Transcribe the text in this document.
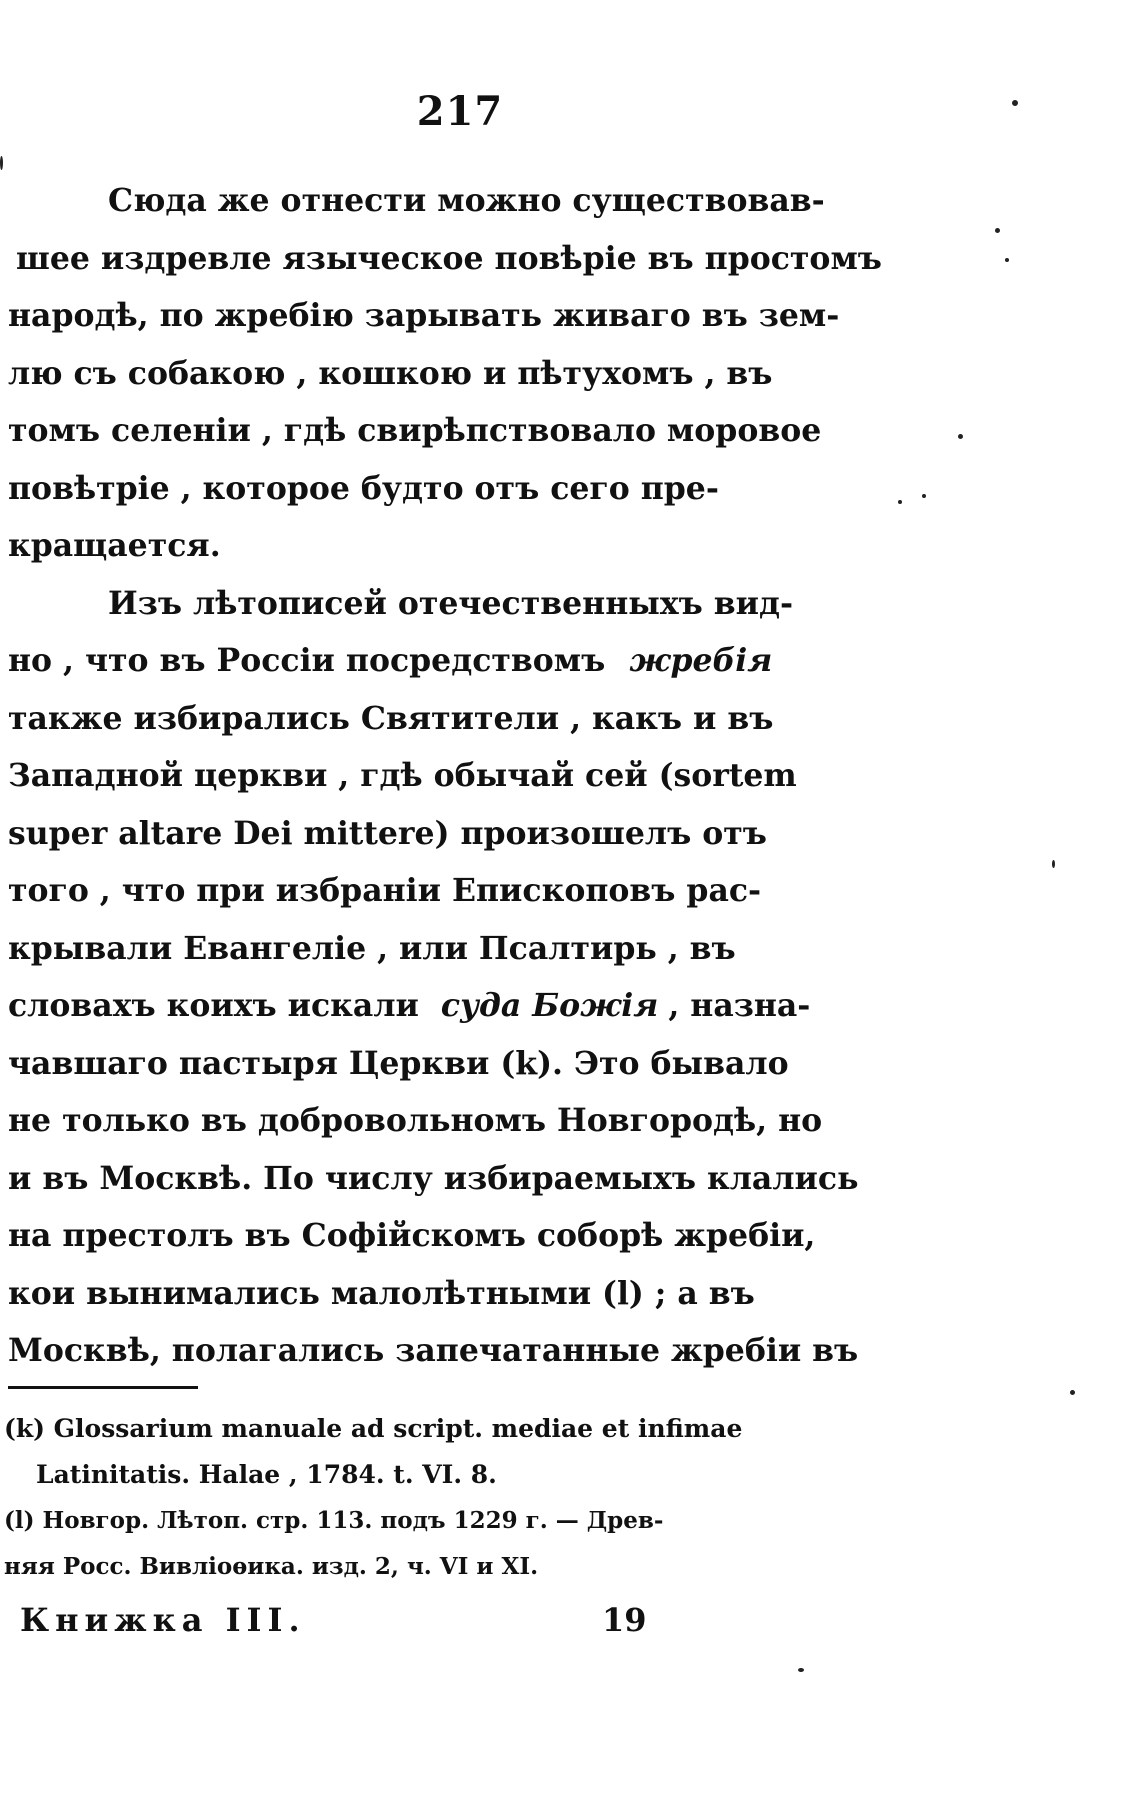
217
Сюда же отнести можно существовав-
шее издревле языческое повѣріе въ простомъ
народѣ, по жребію зарывать живаго въ зем-
лю съ собакою , кошкою и пѣтухомъ , въ
томъ селеніи , гдѣ свирѣпствовало моровое
повѣтріе , которое будто отъ сего пре-
кращается.
Изъ лѣтописей отечественныхъ вид-
но , что въ Россіи посредствомъ жребія
также избирались Святители , какъ и въ
Западной церкви , гдѣ обычай сей (sortem
super altare Dei mittere) произошелъ отъ
того , что при избраніи Епископовъ рас-
крывали Евангеліе , или Псалтирь , въ
словахъ коихъ искали суда Божія , назна-
чавшаго пастыря Церкви (k). Это бывало
не только въ добровольномъ Новгородѣ, но
и въ Москвѣ. По числу избираемыхъ клались
на престолъ въ Софійскомъ соборѣ жребіи,
кои вынимались малолѣтными (l) ; а въ
Москвѣ, полагались запечатанные жребіи въ
(k) Glossarium manuale ad script. mediae et infimae
Latinitatis. Halae , 1784. t. VI. 8.
(l) Новгор. Лѣтоп. стр. 113. подъ 1229 г. — Древ-
няя Росс. Вивліоѳика. изд. 2, ч. VI и XI.
Книжка III.	19
